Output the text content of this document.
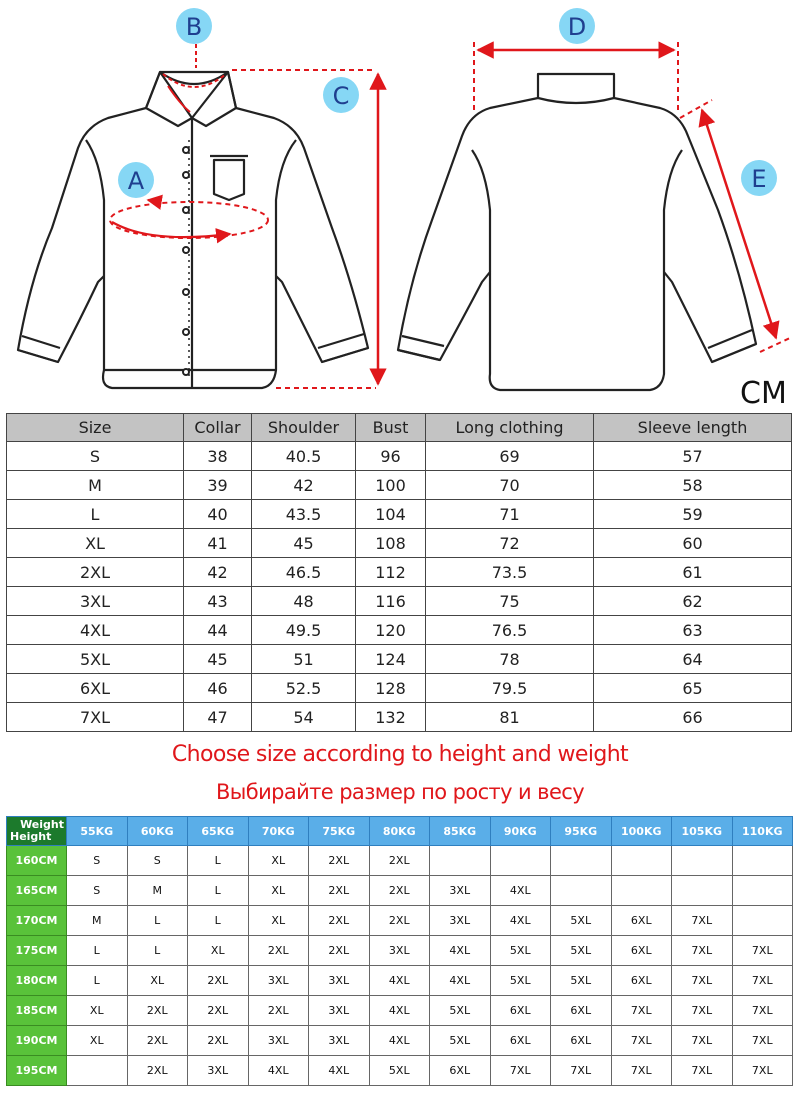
A
B
C
D
E
CM
Size	Collar	Shoulder	Bust	Long clothing	Sleeve length
S	38	40.5	96	69	57
M	39	42	100	70	58
L	40	43.5	104	71	59
XL	41	45	108	72	60
2XL	42	46.5	112	73.5	61
3XL	43	48	116	75	62
4XL	44	49.5	120	76.5	63
5XL	45	51	124	78	64
6XL	46	52.5	128	79.5	65
7XL	47	54	132	81	66
Choose size according to height and weight
Выбирайте размер по росту и весу
Weight
Height	55KG	60KG	65KG	70KG	75KG	80KG	85KG	90KG	95KG	100KG	105KG	110KG
160CM	S	S	L	XL	2XL	2XL						
165CM	S	M	L	XL	2XL	2XL	3XL	4XL				
170CM	M	L	L	XL	2XL	2XL	3XL	4XL	5XL	6XL	7XL	
175CM	L	L	XL	2XL	2XL	3XL	4XL	5XL	5XL	6XL	7XL	7XL
180CM	L	XL	2XL	3XL	3XL	4XL	4XL	5XL	5XL	6XL	7XL	7XL
185CM	XL	2XL	2XL	2XL	3XL	4XL	5XL	6XL	6XL	7XL	7XL	7XL
190CM	XL	2XL	2XL	3XL	3XL	4XL	5XL	6XL	6XL	7XL	7XL	7XL
195CM		2XL	3XL	4XL	4XL	5XL	6XL	7XL	7XL	7XL	7XL	7XL
